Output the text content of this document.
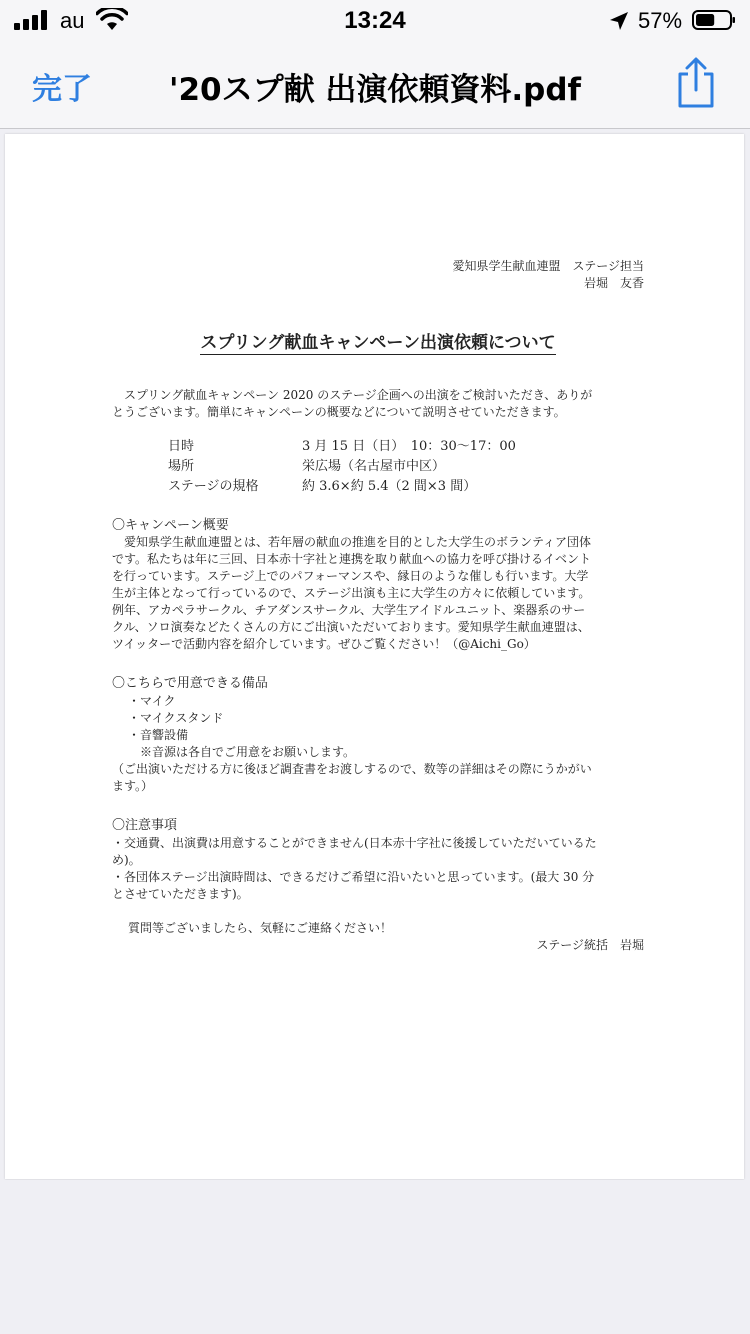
au	13:24	57%
完了	'20スプ献 出演依頼資料.pdf
愛知県学生献血連盟　ステージ担当
岩堀　友香
スプリング献血キャンペーン出演依頼について
スプリング献血キャンペーン 2020 のステージ企画への出演をご検討いただき、ありが
とうございます。簡単にキャンペーンの概要などについて説明させていただきます。
日時	3 月 15 日（日）　10：30〜17：00
場所	栄広場（名古屋市中区）
ステージの規格	約 3.6×約 5.4（2 間×3 間）
〇キャンペーン概要
愛知県学生献血連盟とは、若年層の献血の推進を目的とした大学生のボランティア団体
です。私たちは年に三回、日本赤十字社と連携を取り献血への協力を呼び掛けるイベント
を行っています。ステージ上でのパフォーマンスや、縁日のような催しも行います。大学
生が主体となって行っているので、ステージ出演も主に大学生の方々に依頼しています。
例年、アカペラサークル、チアダンスサークル、大学生アイドルユニット、楽器系のサー
クル、ソロ演奏などたくさんの方にご出演いただいております。愛知県学生献血連盟は、
ツイッターで活動内容を紹介しています。ぜひご覧ください！（@Aichi_Go）
〇こちらで用意できる備品
・マイク
・マイクスタンド
・音響設備
※音源は各自でご用意をお願いします。
（ご出演いただける方に後ほど調査書をお渡しするので、数等の詳細はその際にうかがい
ます。）
〇注意事項
・交通費、出演費は用意することができません(日本赤十字社に後援していただいているた
め)。
・各団体ステージ出演時間は、できるだけご希望に沿いたいと思っています。(最大 30 分
とさせていただきます)。
質問等ございましたら、気軽にご連絡ください！
ステージ統括　岩堀
